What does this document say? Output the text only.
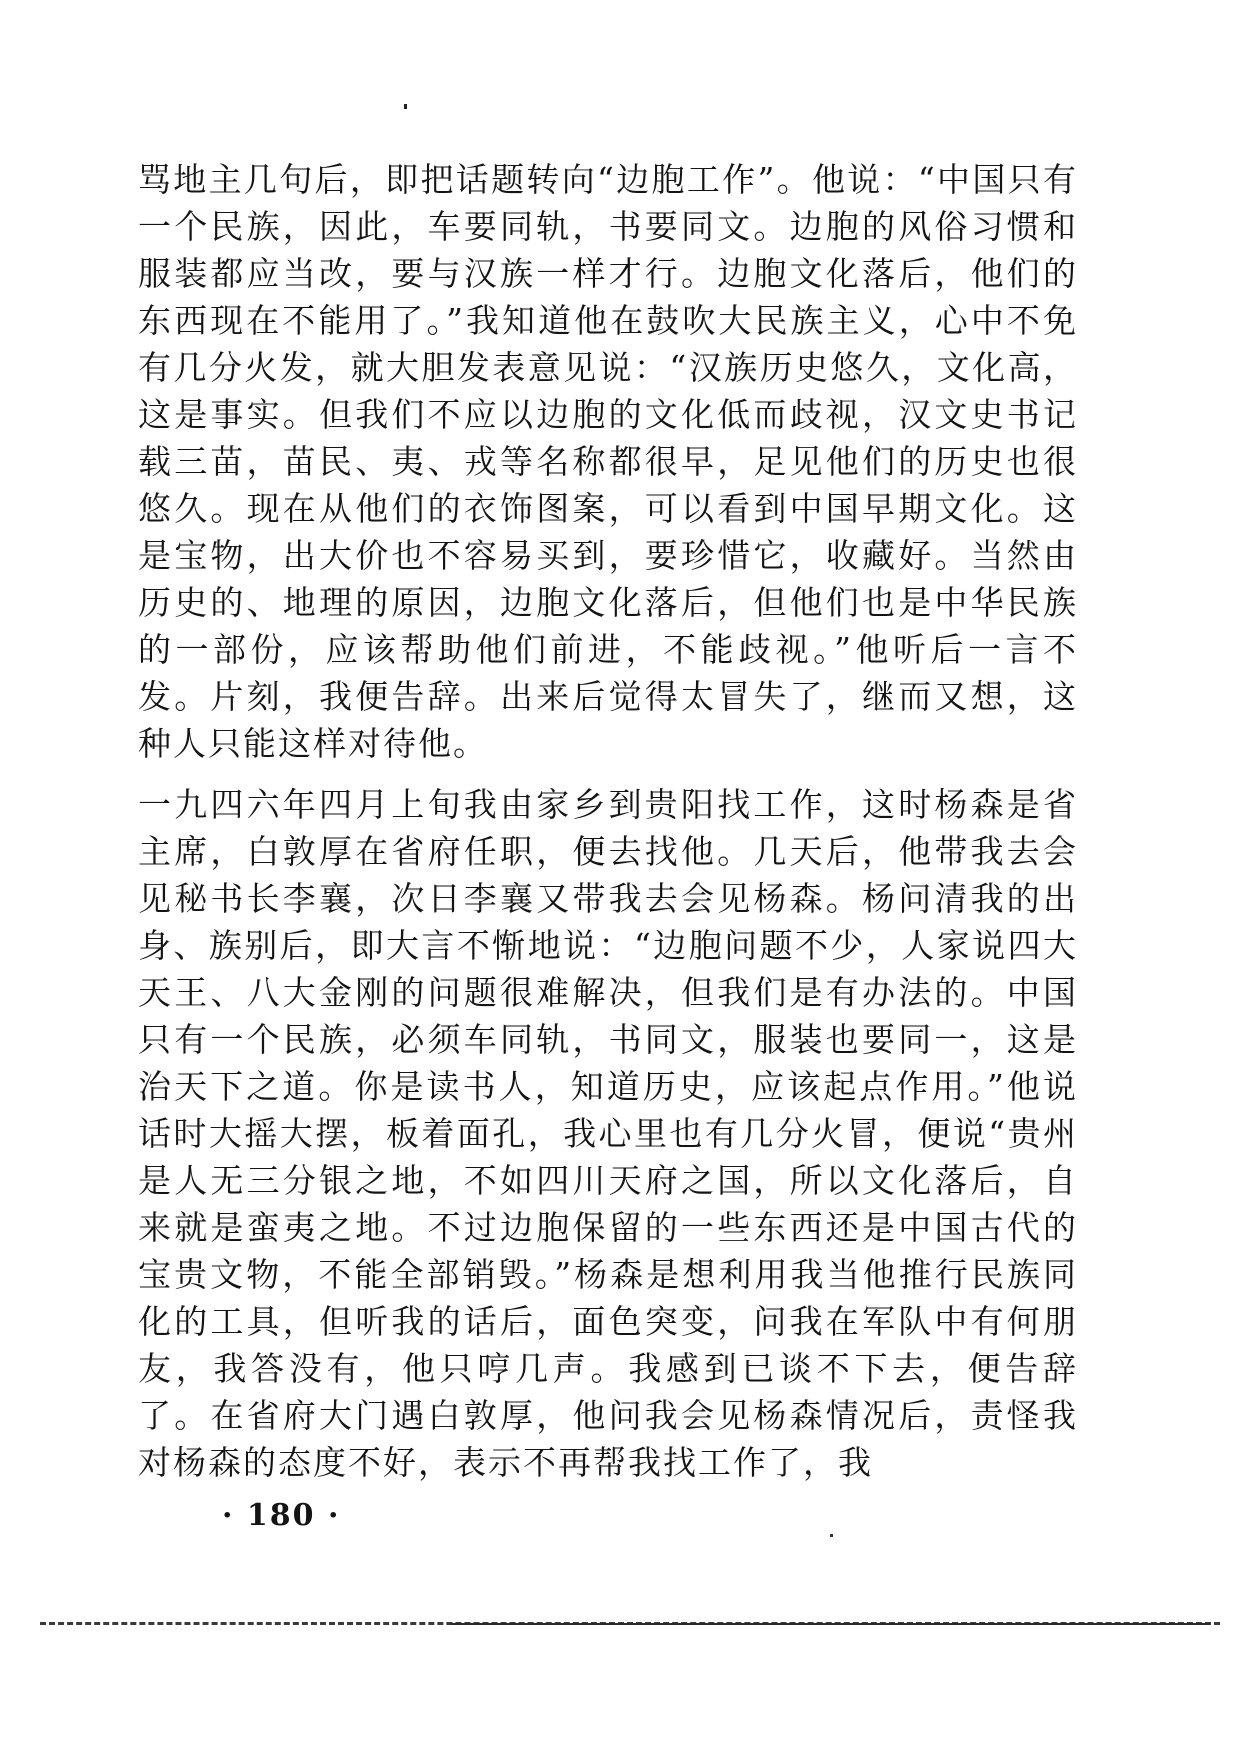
骂地主几句后，即把话题转向“边胞工作”。他说：“中国只有一个民族，因此，车要同轨，书要同文。边胞的风俗习惯和服装都应当改，要与汉族一样才行。边胞文化落后，他们的东西现在不能用了。”我知道他在鼓吹大民族主义，心中不免有几分火发，就大胆发表意见说：“汉族历史悠久，文化高，这是事实。但我们不应以边胞的文化低而歧视，汉文史书记载三苗，苗民、夷、戎等名称都很早，足见他们的历史也很悠久。现在从他们的衣饰图案，可以看到中国早期文化。这是宝物，出大价也不容易买到，要珍惜它，收藏好。当然由历史的、地理的原因，边胞文化落后，但他们也是中华民族的一部份，应该帮助他们前进，不能歧视。”他听后一言不发。片刻，我便告辞。出来后觉得太冒失了，继而又想，这种人只能这样对待他。

一九四六年四月上旬我由家乡到贵阳找工作，这时杨森是省主席，白敦厚在省府任职，便去找他。几天后，他带我去会见秘书长李襄，次日李襄又带我去会见杨森。杨问清我的出身、族别后，即大言不惭地说：“边胞问题不少，人家说四大天王、八大金刚的问题很难解决，但我们是有办法的。中国只有一个民族，必须车同轨，书同文，服装也要同一，这是治天下之道。你是读书人，知道历史，应该起点作用。”他说话时大摇大摆，板着面孔，我心里也有几分火冒，便说“贵州是人无三分银之地，不如四川天府之国，所以文化落后，自来就是蛮夷之地。不过边胞保留的一些东西还是中国古代的宝贵文物，不能全部销毁。”杨森是想利用我当他推行民族同化的工具，但听我的话后，面色突变，问我在军队中有何朋友，我答没有，他只哼几声。我感到已谈不下去，便告辞了。在省府大门遇白敦厚，他问我会见杨森情况后，责怪我对杨森的态度不好，表示不再帮我找工作了，我

· 180 ·
